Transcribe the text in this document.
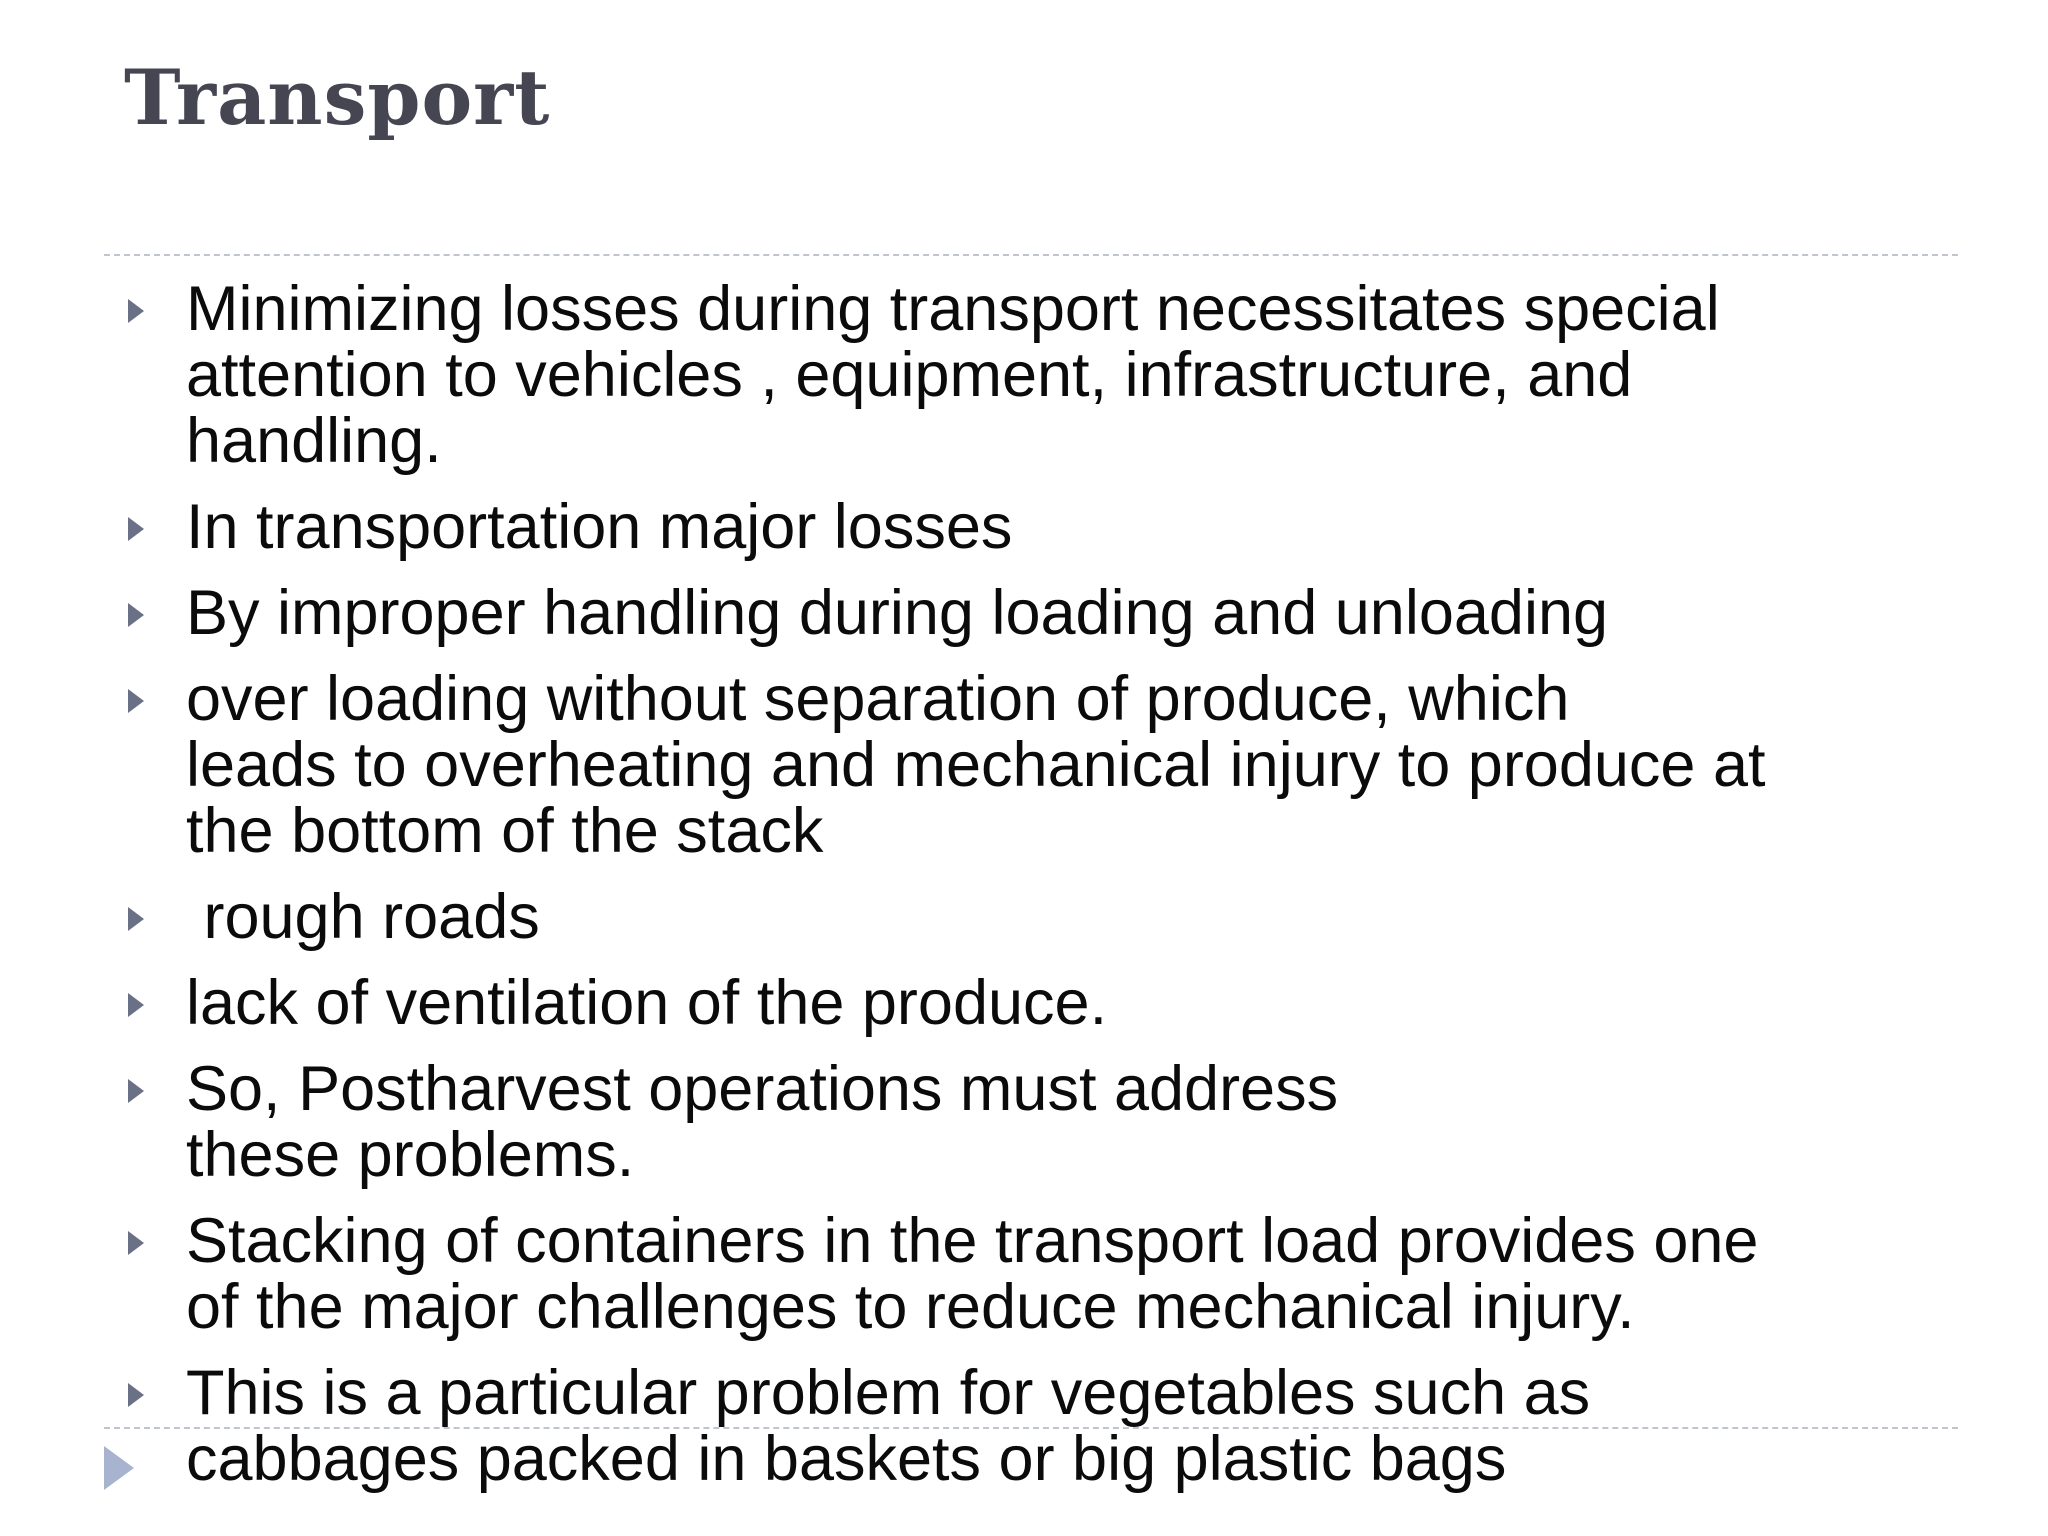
Transport
Minimizing losses during transport necessitates special
attention to vehicles , equipment, infrastructure, and
handling.
In transportation major losses
By improper handling during loading and unloading
over loading without separation of produce, which
leads to overheating and mechanical injury to produce at
the bottom of the stack
rough roads
lack of ventilation of the produce.
So, Postharvest operations must address
these problems.
Stacking of containers in the transport load provides one
of the major challenges to reduce mechanical injury.
This is a particular problem for vegetables such as
cabbages packed in baskets or big plastic bags
